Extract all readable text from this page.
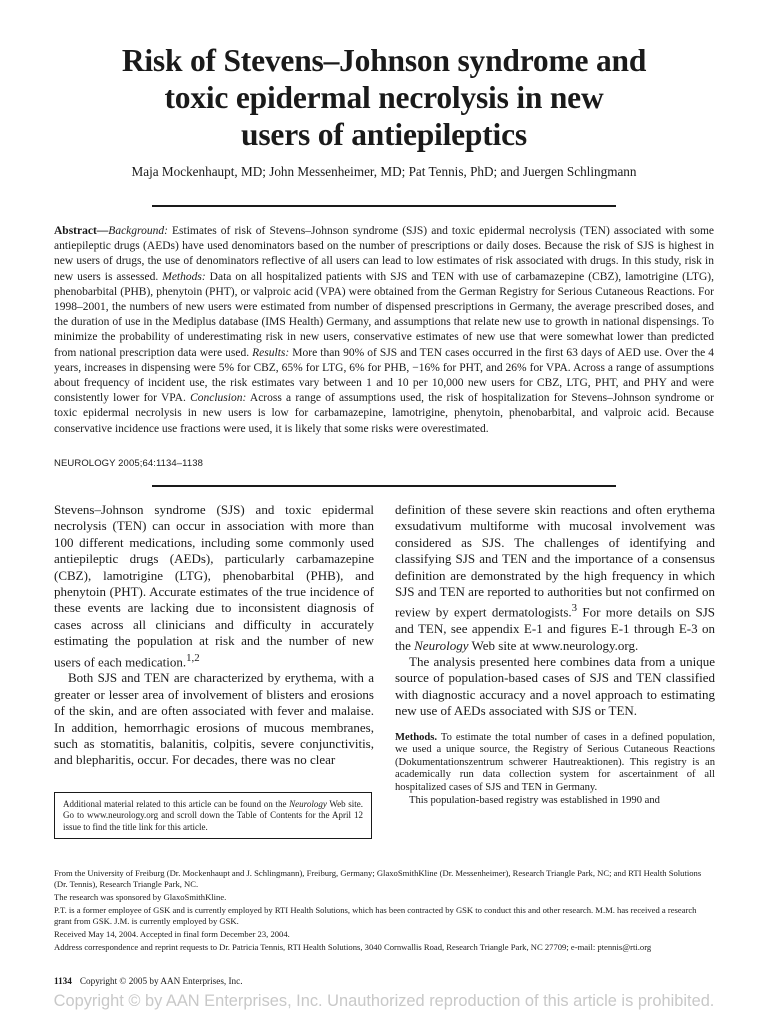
Risk of Stevens–Johnson syndrome and
toxic epidermal necrolysis in new
users of antiepileptics

Maja Mockenhaupt, MD; John Messenheimer, MD; Pat Tennis, PhD; and Juergen Schlingmann

Abstract—Background: Estimates of risk of Stevens–Johnson syndrome (SJS) and toxic epidermal necrolysis (TEN) associated with some antiepileptic drugs (AEDs) have used denominators based on the number of prescriptions or daily doses. Because the risk of SJS is highest in new users of drugs, the use of denominators reflective of all users can lead to low estimates of risk associated with drugs. In this study, risk in new users is assessed. Methods: Data on all hospitalized patients with SJS and TEN with use of carbamazepine (CBZ), lamotrigine (LTG), phenobarbital (PHB), phenytoin (PHT), or valproic acid (VPA) were obtained from the German Registry for Serious Cutaneous Reactions. For 1998–2001, the numbers of new users were estimated from number of dispensed prescriptions in Germany, the average prescribed doses, and the duration of use in the Mediplus database (IMS Health) Germany, and assumptions that relate new use to growth in national dispensings. To minimize the probability of underestimating risk in new users, conservative estimates of new use that were somewhat lower than predicted from national prescription data were used. Results: More than 90% of SJS and TEN cases occurred in the first 63 days of AED use. Over the 4 years, increases in dispensing were 5% for CBZ, 65% for LTG, 6% for PHB, −16% for PHT, and 26% for VPA. Across a range of assumptions about frequency of incident use, the risk estimates vary between 1 and 10 per 10,000 new users for CBZ, LTG, PHT, and PHY and were consistently lower for VPA. Conclusion: Across a range of assumptions used, the risk of hospitalization for Stevens–Johnson syndrome or toxic epidermal necrolysis in new users is low for carbamazepine, lamotrigine, phenytoin, phenobarbital, and valproic acid. Because conservative incidence use fractions were used, it is likely that some risks were overestimated.

NEUROLOGY 2005;64:1134–1138

Stevens–Johnson syndrome (SJS) and toxic epidermal necrolysis (TEN) can occur in association with more than 100 different medications, including some commonly used antiepileptic drugs (AEDs), particularly carbamazepine (CBZ), lamotrigine (LTG), phenobarbital (PHB), and phenytoin (PHT). Accurate estimates of the true incidence of these events are lacking due to inconsistent diagnosis of cases across all clinicians and difficulty in accurately estimating the population at risk and the number of new users of each medication.$^{1,2}$

Both SJS and TEN are characterized by erythema, with a greater or lesser area of involvement of blisters and erosions of the skin, and are often associated with fever and malaise. In addition, hemorrhagic erosions of mucous membranes, such as stomatitis, balanitis, colpitis, severe conjunctivitis, and blepharitis, occur. For decades, there was no clear

Additional material related to this article can be found on the Neurology Web site. Go to www.neurology.org and scroll down the Table of Contents for the April 12 issue to find the title link for this article.

definition of these severe skin reactions and often erythema exsudativum multiforme with mucosal involvement was considered as SJS. The challenges of identifying and classifying SJS and TEN and the importance of a consensus definition are demonstrated by the high frequency in which SJS and TEN are reported to authorities but not confirmed on review by expert dermatologists.$^3$ For more details on SJS and TEN, see appendix E-1 and figures E-1 through E-3 on the Neurology Web site at www.neurology.org.

The analysis presented here combines data from a unique source of population-based cases of SJS and TEN classified with diagnostic accuracy and a novel approach to estimating new use of AEDs associated with SJS or TEN.

Methods. To estimate the total number of cases in a defined population, we used a unique source, the Registry of Serious Cutaneous Reactions (Dokumentationszentrum schwerer Hautreaktionen). This registry is an academically run data collection system for ascertainment of all hospitalized cases of SJS and TEN in Germany.

This population-based registry was established in 1990 and

From the University of Freiburg (Dr. Mockenhaupt and J. Schlingmann), Freiburg, Germany; GlaxoSmithKline (Dr. Messenheimer), Research Triangle Park, NC; and RTI Health Solutions (Dr. Tennis), Research Triangle Park, NC.

The research was sponsored by GlaxoSmithKline.

P.T. is a former employee of GSK and is currently employed by RTI Health Solutions, which has been contracted by GSK to conduct this and other research. M.M. has received a research grant from GSK. J.M. is currently employed by GSK.

Received May 14, 2004. Accepted in final form December 23, 2004.

Address correspondence and reprint requests to Dr. Patricia Tennis, RTI Health Solutions, 3040 Cornwallis Road, Research Triangle Park, NC 27709; e-mail: ptennis@rti.org

1134 Copyright © 2005 by AAN Enterprises, Inc.

Copyright © by AAN Enterprises, Inc. Unauthorized reproduction of this article is prohibited.
